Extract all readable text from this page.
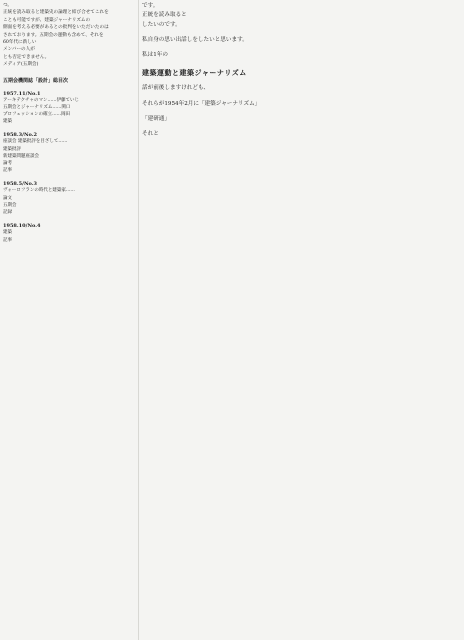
つ。
正統を読み取ると建築史の論理と結び合せてこれを
ことも可能ですが、建築ジャーナリズムの
側面を考える必要があるとの批判をいただいたのは
されております。五期会の運動も含めて、それを
60年代に新しい
メンバーの人が
とも否定できません。
メディア(五期会)
五期会機関誌「設計」総目次
1957.11/No.1
アーキテクチャのマン……伊藤ていじ
五期会とジャーナリズム……関口
プロフェッションの確立……岡田
建築
1958.3/No.2
座談会 建築批評を目ざして……
建築批評
新建築問題座談会
論考
記事
1958.5/No.3
ヴォーロフランの時代と建築家……
論文
五期会
記録
1958.10/No.4
建築
記事
です。
正統を読み取ると
したいのです。
私自身の思い出話しをしたいと思います。
私は1年の
建築運動と建築ジャーナリズム
話が前後しますけれども、
それらが1954年2月に「建築ジャーナリズム」
「建研通」
それと
